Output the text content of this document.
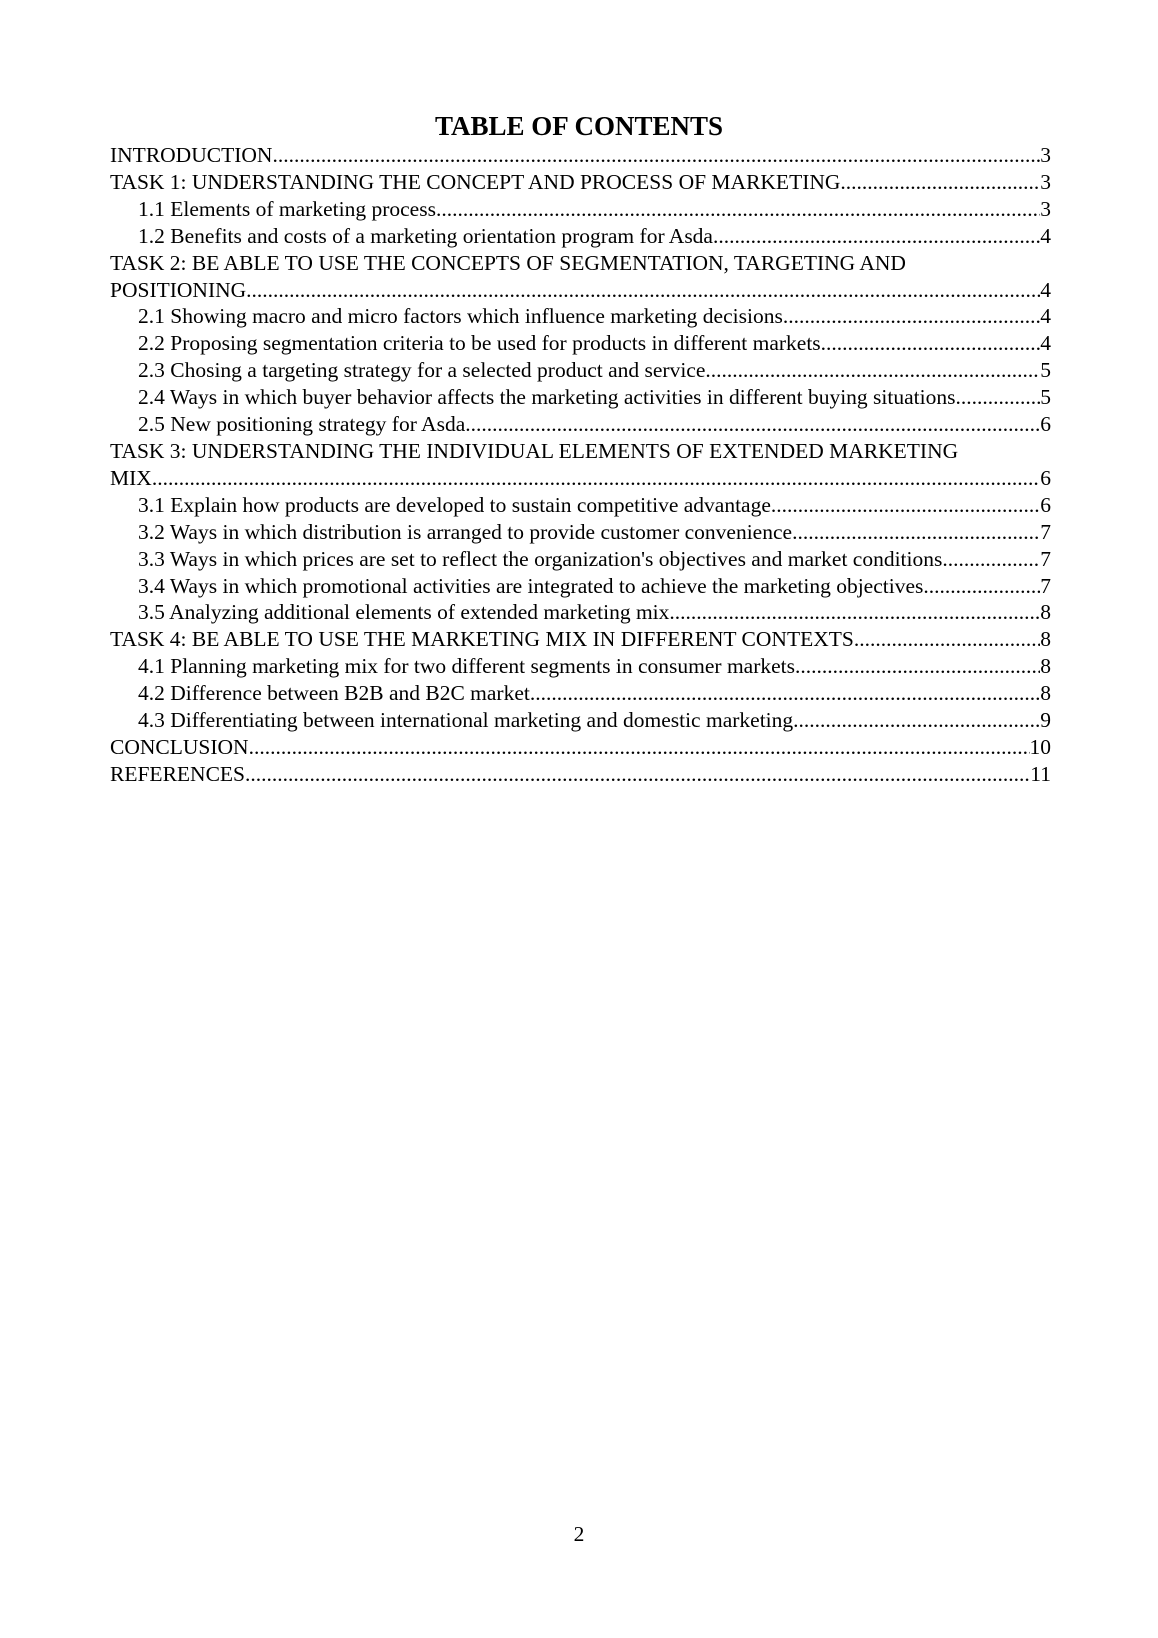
TABLE OF CONTENTS
INTRODUCTION .....	3
TASK 1: UNDERSTANDING THE CONCEPT AND PROCESS OF MARKETING .....	3
1.1 Elements of marketing process .....	3
1.2 Benefits and costs of a marketing orientation program for Asda .....	4
TASK 2: BE ABLE TO USE THE CONCEPTS OF SEGMENTATION, TARGETING AND
POSITIONING .....	4
2.1 Showing macro and micro factors which influence marketing decisions .....	4
2.2 Proposing segmentation criteria to be used for products in different markets .....	4
2.3 Chosing a targeting strategy for a selected product and service .....	5
2.4 Ways in which buyer behavior affects the marketing activities in different buying situations. .....	5
2.5 New positioning strategy for Asda .....	6
TASK 3: UNDERSTANDING THE INDIVIDUAL ELEMENTS OF EXTENDED MARKETING
MIX .....	6
3.1 Explain how products are developed to sustain competitive advantage .....	6
3.2 Ways in which distribution is arranged to provide customer convenience .....	7
3.3 Ways in which prices are set to reflect the organization's objectives and market conditions .....	7
3.4 Ways in which promotional activities are integrated to achieve the marketing objectives. .....	7
3.5 Analyzing additional elements of extended marketing mix .....	8
TASK 4: BE ABLE TO USE THE MARKETING MIX IN DIFFERENT CONTEXTS .....	8
4.1 Planning marketing mix for two different segments in consumer markets .....	8
4.2 Difference between B2B and B2C market .....	8
4.3 Differentiating between international marketing and domestic marketing .....	9
CONCLUSION .....	10
REFERENCES .....	11
2
